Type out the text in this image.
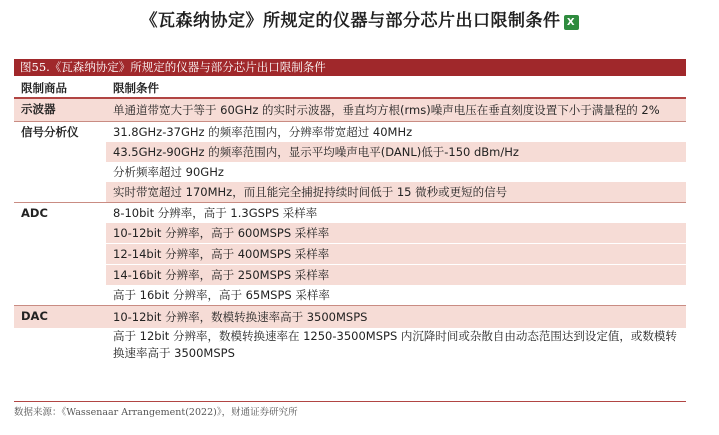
《瓦森纳协定》所规定的仪器与部分芯片出口限制条件 X
图55.《瓦森纳协定》所规定的仪器与部分芯片出口限制条件
限制商品	限制条件
示波器	单通道带宽大于等于 60GHz 的实时示波器，垂直均方根(rms)噪声电压在垂直刻度设置下小于满量程的 2%
信号分析仪	31.8GHz-37GHz 的频率范围内，分辨率带宽超过 40MHz
	43.5GHz-90GHz 的频率范围内，显示平均噪声电平(DANL)低于-150 dBm/Hz
	分析频率超过 90GHz
	实时带宽超过 170MHz，而且能完全捕捉持续时间低于 15 微秒或更短的信号
ADC	8-10bit 分辨率，高于 1.3GSPS 采样率
	10-12bit 分辨率，高于 600MSPS 采样率
	12-14bit 分辨率，高于 400MSPS 采样率
	14-16bit 分辨率，高于 250MSPS 采样率
	高于 16bit 分辨率，高于 65MSPS 采样率
DAC	10-12bit 分辨率，数模转换速率高于 3500MSPS
	高于 12bit 分辨率，数模转换速率在 1250-3500MSPS 内沉降时间或杂散自由动态范围达到设定值，或数模转换速率高于 3500MSPS
数据来源：《Wassenaar Arrangement(2022)》，财通证券研究所
